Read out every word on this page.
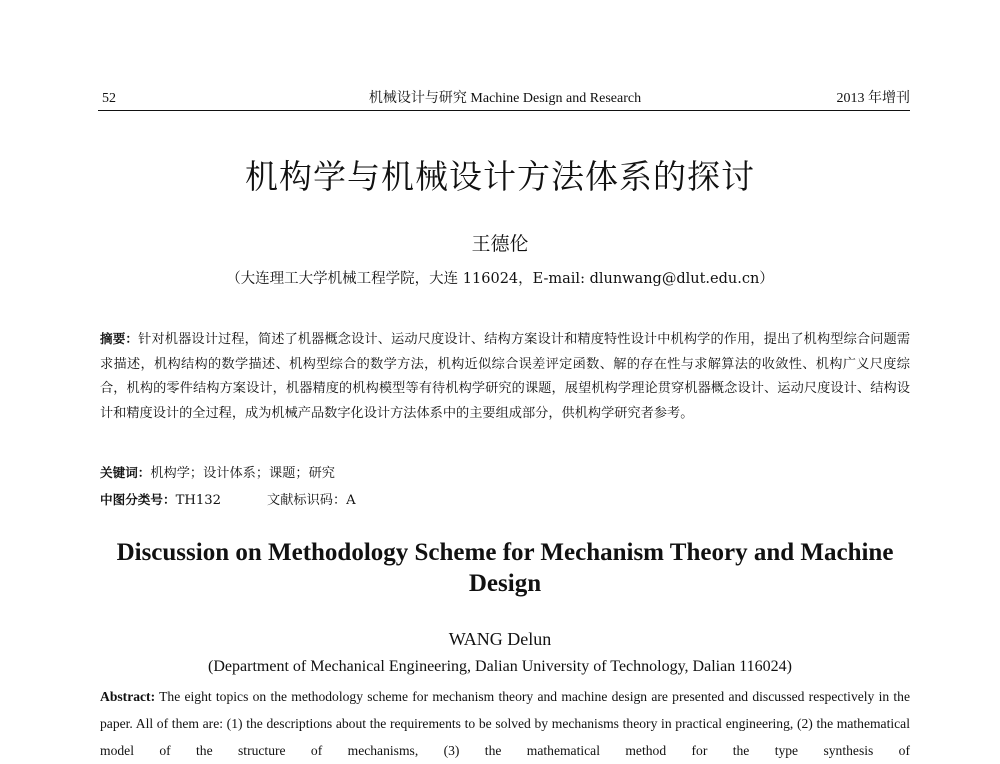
52	机械设计与研究 Machine Design and Research	2013 年增刊
机构学与机械设计方法体系的探讨
王德伦
（大连理工大学机械工程学院，大连 116024，E-mail: dlunwang@dlut.edu.cn）
摘要：针对机器设计过程，简述了机器概念设计、运动尺度设计、结构方案设计和精度特性设计中机构学的作用，提出了机构型综合问题需求描述，机构结构的数学描述、机构型综合的数学方法，机构近似综合误差评定函数、解的存在性与求解算法的收敛性、机构广义尺度综合，机构的零件结构方案设计，机器精度的机构模型等有待机构学研究的课题，展望机构学理论贯穿机器概念设计、运动尺度设计、结构设计和精度设计的全过程，成为机械产品数字化设计方法体系中的主要组成部分，供机构学研究者参考。
关键词：机构学；设计体系；课题；研究
中图分类号：TH132	文献标识码：A
Discussion on Methodology Scheme for Mechanism Theory and Machine Design
WANG Delun
(Department of Mechanical Engineering, Dalian University of Technology, Dalian 116024)
Abstract: The eight topics on the methodology scheme for mechanism theory and machine design are presented and discussed respectively in the paper. All of them are: (1) the descriptions about the requirements to be solved by mechanisms theory in practical engineering, (2) the mathematical model of the structure of mechanisms, (3) the mathematical method for the type synthesis of
